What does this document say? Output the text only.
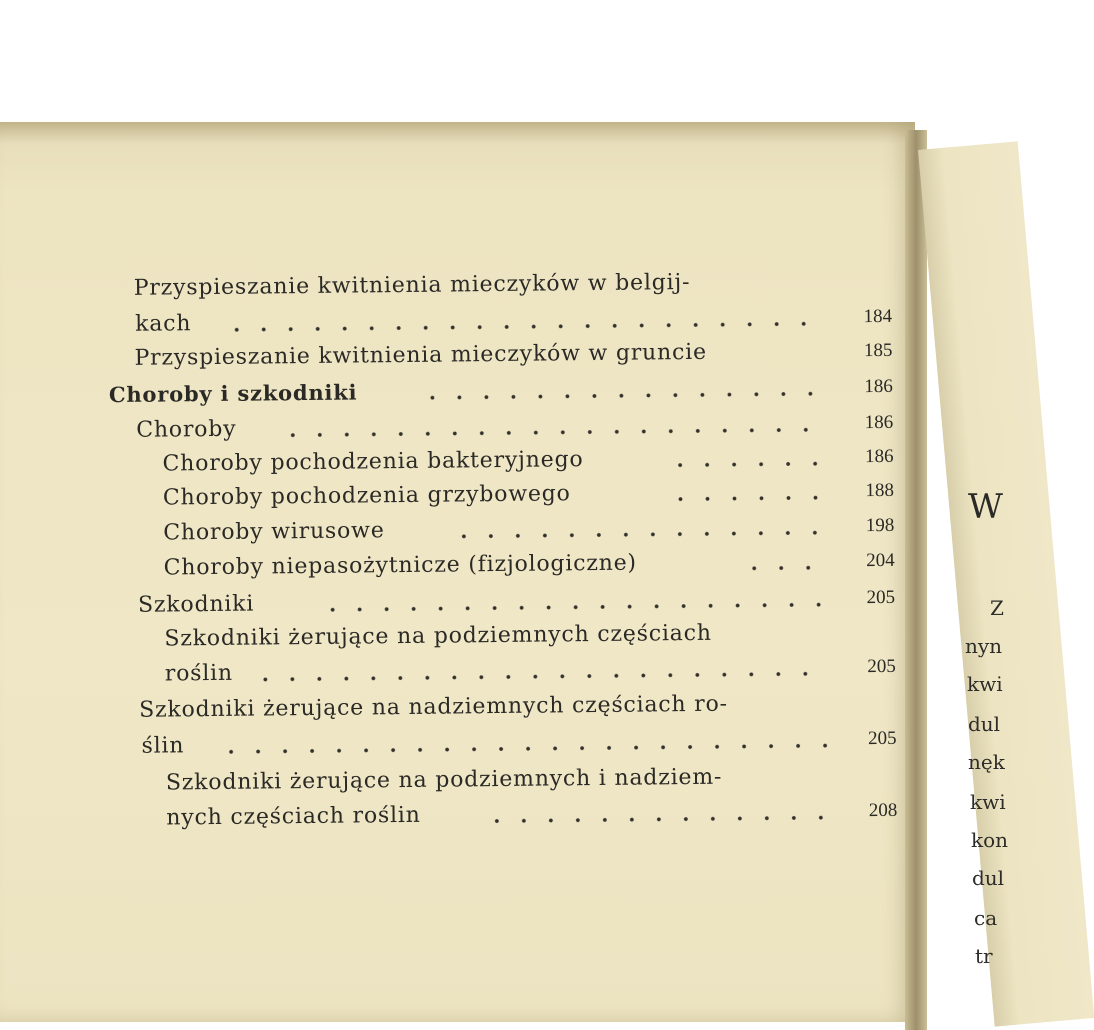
W
Z
nyn
kwi
dul
nęk
kwi
kon
dul
ca
tr
Przyspieszanie kwitnienia mieczyków w belgij-
kach	184
Przyspieszanie kwitnienia mieczyków w gruncie	185
Choroby i szkodniki	186
Choroby	186
Choroby pochodzenia bakteryjnego	186
Choroby pochodzenia grzybowego	188
Choroby wirusowe	198
Choroby niepasożytnicze (fizjologiczne)	204
Szkodniki	205
Szkodniki żerujące na podziemnych częściach
roślin	205
Szkodniki żerujące na nadziemnych częściach ro-
ślin	205
Szkodniki żerujące na podziemnych i nadziem-
nych częściach roślin	208
